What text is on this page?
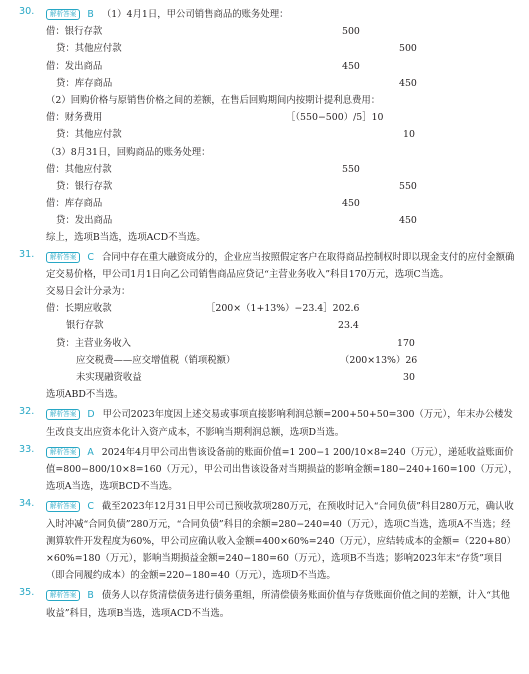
30.	解析答案 B （1）4月1日，甲公司销售商品的账务处理：
借：银行存款	500
贷：其他应付款	500
借：发出商品	450
贷：库存商品	450
（2）回购价格与原销售价格之间的差额，在售后回购期间内按期计提利息费用：
借：财务费用	［（550−500）/5］10
贷：其他应付款	10
（3）8月31日，回购商品的账务处理：
借：其他应付款	550
贷：银行存款	550
借：库存商品	450
贷：发出商品	450
综上，选项B当选，选项ACD不当选。
31.	解析答案 C 合同中存在重大融资成分的，企业应当按照假定客户在取得商品控制权时即以现金支付的应付金额确定交易价格，甲公司1月1日向乙公司销售商品应贷记“主营业务收入”科目170万元，选项C当选。

交易日会计分录为：
借：长期应收款	［200×（1+13%）−23.4］202.6
银行存款	23.4
贷：主营业务收入	170
应交税费——应交增值税（销项税额）	（200×13%）26
未实现融资收益	30
选项ABD不当选。
32.	解析答案 D 甲公司2023年度因上述交易或事项直接影响利润总额=200+50+50=300（万元），年末办公楼发生改良支出应资本化计入资产成本，不影响当期利润总额，选项D当选。

33.	解析答案 A 2024年4月甲公司出售该设备前的账面价值=1 200−1 200/10×8=240（万元），递延收益账面价值=800−800/10×8=160（万元），甲公司出售该设备对当期损益的影响金额=180−240+160=100（万元），选项A当选，选项BCD不当选。

34.	解析答案 C 截至2023年12月31日甲公司已预收款项280万元，在预收时记入“合同负债”科目280万元，确认收入时冲减“合同负债”280万元，“合同负债”科目的余额=280−240=40（万元），选项C当选，选项A不当选；经测算软件开发程度为60%，甲公司应确认收入金额=400×60%=240（万元），应结转成本的金额=（220+80）×60%=180（万元），影响当期损益金额=240−180=60（万元），选项B不当选；影响2023年末“存货”项目（即合同履约成本）的金额=220−180=40（万元），选项D不当选。

35.	解析答案 B 债务人以存货清偿债务进行债务重组，所清偿债务账面价值与存货账面价值之间的差额，计入“其他收益”科目，选项B当选，选项ACD不当选。
